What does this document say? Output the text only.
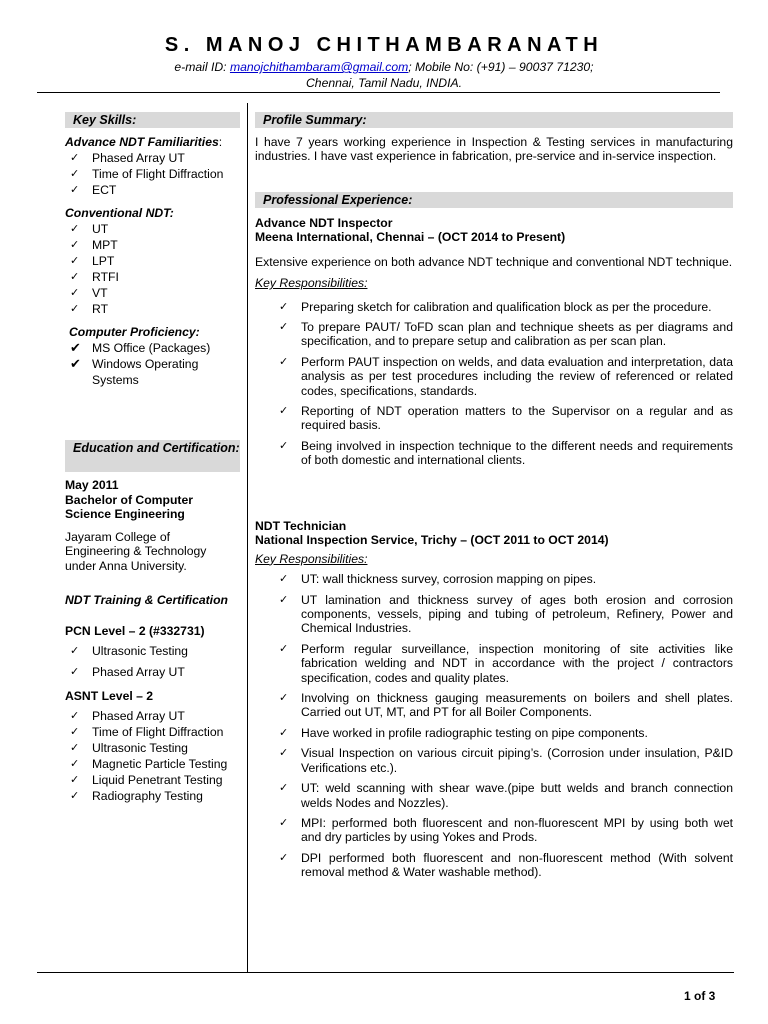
S. MANOJ CHITHAMBARANATH
e-mail ID: manojchithambaram@gmail.com; Mobile No: (+91) – 90037 71230;
Chennai, Tamil Nadu, INDIA.
Key Skills:
Advance NDT Familiarities:
✓ Phased Array UT
✓ Time of Flight Diffraction
✓ ECT
Conventional NDT:
✓ UT
✓ MPT
✓ LPT
✓ RTFI
✓ VT
✓ RT
Computer Proficiency:
✔ MS Office (Packages)
✔ Windows Operating Systems
Education and Certification:
May 2011
Bachelor of Computer Science Engineering
Jayaram College of Engineering & Technology under Anna University.
NDT Training & Certification
PCN Level – 2 (#332731)
✓ Ultrasonic Testing
✓ Phased Array UT
ASNT Level – 2
✓ Phased Array UT
✓ Time of Flight Diffraction
✓ Ultrasonic Testing
✓ Magnetic Particle Testing
✓ Liquid Penetrant Testing
✓ Radiography Testing
Profile Summary:
I have 7 years working experience in Inspection & Testing services in manufacturing industries. I have vast experience in fabrication, pre-service and in-service inspection.
Professional Experience:
Advance NDT Inspector
Meena International, Chennai – (OCT 2014 to Present)
Extensive experience on both advance NDT technique and conventional NDT technique.
Key Responsibilities:
✓ Preparing sketch for calibration and qualification block as per the procedure.
✓ To prepare PAUT/ ToFD scan plan and technique sheets as per diagrams and specification, and to prepare setup and calibration as per scan plan.
✓ Perform PAUT inspection on welds, and data evaluation and interpretation, data analysis as per test procedures including the review of referenced or related codes, specifications, standards.
✓ Reporting of NDT operation matters to the Supervisor on a regular and as required basis.
✓ Being involved in inspection technique to the different needs and requirements of both domestic and international clients.
NDT Technician
National Inspection Service, Trichy – (OCT 2011 to OCT 2014)
Key Responsibilities:
✓ UT: wall thickness survey, corrosion mapping on pipes.
✓ UT lamination and thickness survey of ages both erosion and corrosion components, vessels, piping and tubing of petroleum, Refinery, Power and Chemical Industries.
✓ Perform regular surveillance, inspection monitoring of site activities like fabrication welding and NDT in accordance with the project / contractors specification, codes and quality plates.
✓ Involving on thickness gauging measurements on boilers and shell plates. Carried out UT, MT, and PT for all Boiler Components.
✓ Have worked in profile radiographic testing on pipe components.
✓ Visual Inspection on various circuit piping’s. (Corrosion under insulation, P&ID Verifications etc.).
✓ UT: weld scanning with shear wave.(pipe butt welds and branch connection welds Nodes and Nozzles).
✓ MPI: performed both fluorescent and non-fluorescent MPI by using both wet and dry particles by using Yokes and Prods.
✓ DPI performed both fluorescent and non-fluorescent method (With solvent removal method & Water washable method).
1 of 3
